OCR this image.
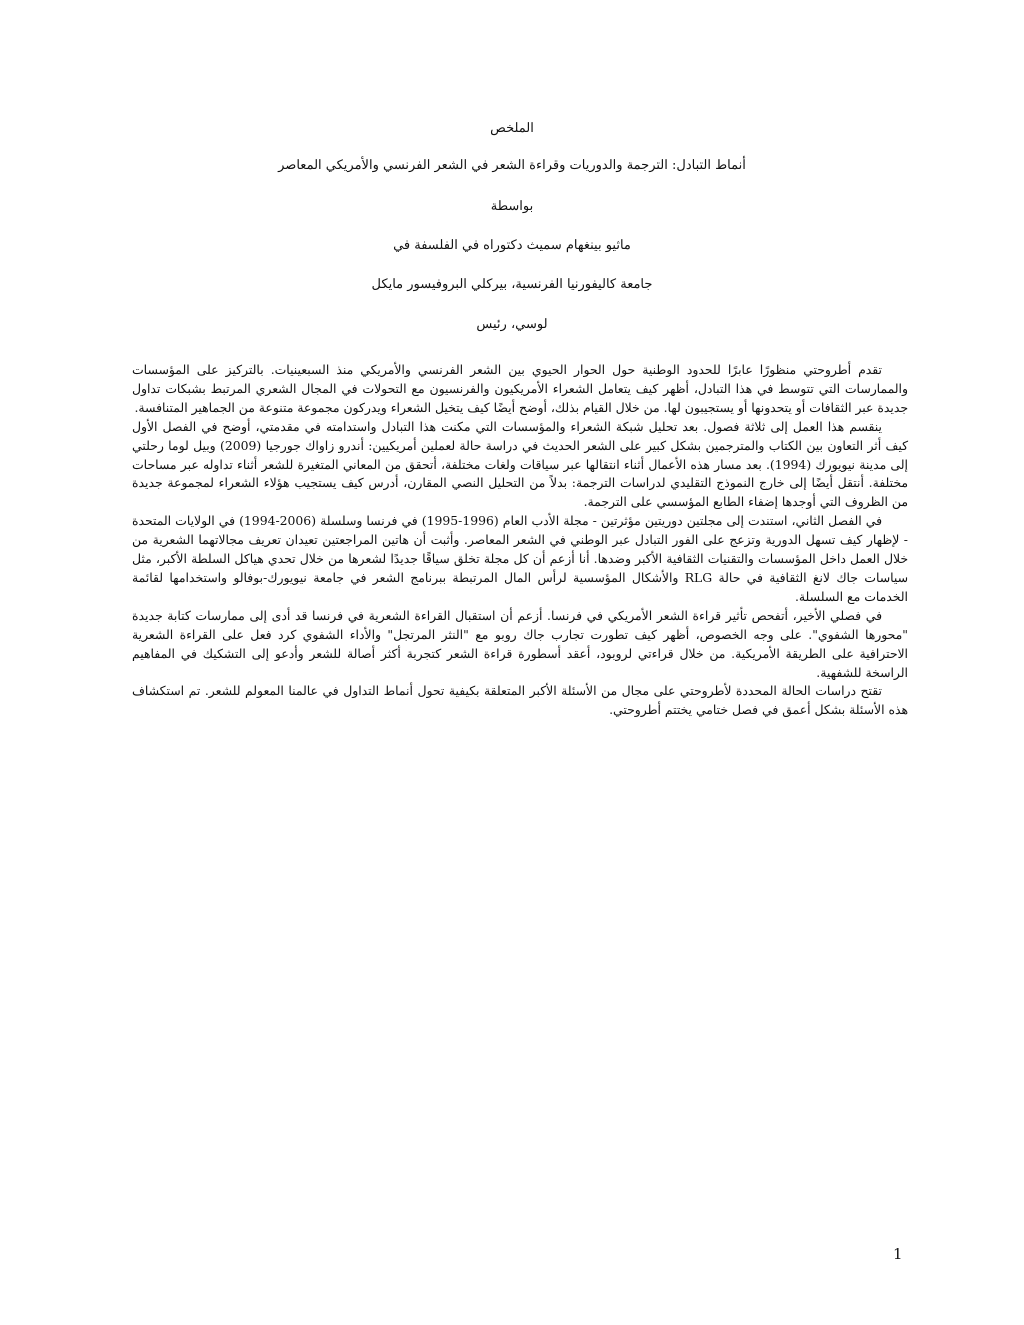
الملخص
أنماط التبادل: الترجمة والدوريات وقراءة الشعر في الشعر الفرنسي والأمريكي المعاصر
بواسطة
ماثيو بينغهام سميث دكتوراه في الفلسفة في
جامعة كاليفورنيا الفرنسية، بيركلي البروفيسور مايكل
لوسي، رئيس

تقدم أطروحتي منظورًا عابرًا للحدود الوطنية حول الحوار الحيوي بين الشعر الفرنسي والأمريكي منذ السبعينيات. بالتركيز على المؤسسات والممارسات التي تتوسط في هذا التبادل، أظهر كيف يتعامل الشعراء الأمريكيون والفرنسيون مع التحولات في المجال الشعري المرتبط بشبكات تداول جديدة عبر الثقافات أو يتحدونها أو يستجيبون لها. من خلال القيام بذلك، أوضح أيضًا كيف يتخيل الشعراء ويدركون مجموعة متنوعة من الجماهير المتنافسة.

ينقسم هذا العمل إلى ثلاثة فصول. بعد تحليل شبكة الشعراء والمؤسسات التي مكنت هذا التبادل واستدامته في مقدمتي، أوضح في الفصل الأول كيف أثر التعاون بين الكتاب والمترجمين بشكل كبير على الشعر الحديث في دراسة حالة لعملين أمريكيين: أندرو زاواك جورجيا (2009) وبيل لوما رحلتي إلى مدينة نيويورك (1994). بعد مسار هذه الأعمال أثناء انتقالها عبر سياقات ولغات مختلفة، أتحقق من المعاني المتغيرة للشعر أثناء تداوله عبر مساحات مختلفة. أنتقل أيضًا إلى خارج النموذج التقليدي لدراسات الترجمة: بدلاً من التحليل النصي المقارن، أدرس كيف يستجيب هؤلاء الشعراء لمجموعة جديدة من الظروف التي أوجدها إضفاء الطابع المؤسسي على الترجمة.

في الفصل الثاني، استندت إلى مجلتين دوريتين مؤثرتين - مجلة الأدب العام (1996-1995) في فرنسا وسلسلة (2006-1994) في الولايات المتحدة - لإظهار كيف تسهل الدورية وتزعج على الفور التبادل عبر الوطني في الشعر المعاصر. وأثبت أن هاتين المراجعتين تعيدان تعريف مجالاتهما الشعرية من خلال العمل داخل المؤسسات والتقنيات الثقافية الأكبر وضدها. أنا أزعم أن كل مجلة تخلق سياقًا جديدًا لشعرها من خلال تحدي هياكل السلطة الأكبر، مثل سياسات جاك لانغ الثقافية في حالة RLG والأشكال المؤسسية لرأس المال المرتبطة ببرنامج الشعر في جامعة نيويورك-بوفالو واستخدامها لقائمة الخدمات مع السلسلة.

في فصلي الأخير، أتفحص تأثير قراءة الشعر الأمريكي في فرنسا. أزعم أن استقبال القراءة الشعرية في فرنسا قد أدى إلى ممارسات كتابة جديدة "محورها الشفوي". على وجه الخصوص، أظهر كيف تطورت تجارب جاك روبو مع "النثر المرتجل" والأداء الشفوي كرد فعل على القراءة الشعرية الاحترافية على الطريقة الأمريكية. من خلال قراءتي لروبود، أعقد أسطورة قراءة الشعر كتجربة أكثر أصالة للشعر وأدعو إلى التشكيك في المفاهيم الراسخة للشفهية.

تقتح دراسات الحالة المحددة لأطروحتي على مجال من الأسئلة الأكبر المتعلقة بكيفية تحول أنماط التداول في عالمنا المعولم للشعر. تم استكشاف هذه الأسئلة بشكل أعمق في فصل ختامي يختتم أطروحتي.

1
